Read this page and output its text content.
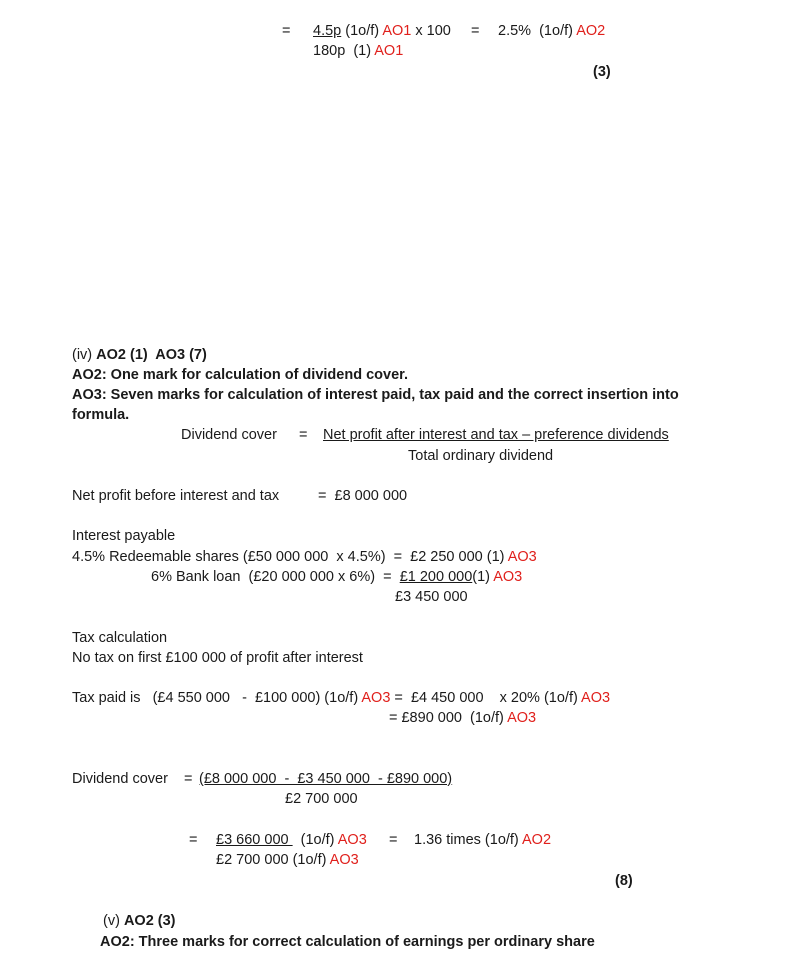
= 4.5p (1o/f) AO1 x 100 = 2.5%  (1o/f) AO2
180p  (1) AO1
(3)
(iv) AO2 (1)  AO3 (7)
AO2: One mark for calculation of dividend cover.
AO3: Seven marks for calculation of interest paid, tax paid and the correct insertion into
formula.
Dividend cover = Net profit after interest and tax – preference dividends
Total ordinary dividend
Net profit before interest and tax	=  £8 000 000
Interest payable
4.5% Redeemable shares (£50 000 000  x 4.5%)  =  £2 250 000 (1) AO3
6% Bank loan  (£20 000 000 x 6%)  =  £1 200 000(1) AO3
£3 450 000
Tax calculation
No tax on first £100 000 of profit after interest
Tax paid is   (£4 550 000   -  £100 000) (1o/f) AO3 =  £4 450 000    x 20% (1o/f) AO3
= £890 000  (1o/f) AO3
Dividend cover    = (£8 000 000  -  £3 450 000  - £890 000)
£2 700 000
= £3 660 000   (1o/f) AO3 = 1.36 times (1o/f) AO2
£2 700 000 (1o/f) AO3
(8)
(v) AO2 (3)
AO2: Three marks for correct calculation of earnings per ordinary share
